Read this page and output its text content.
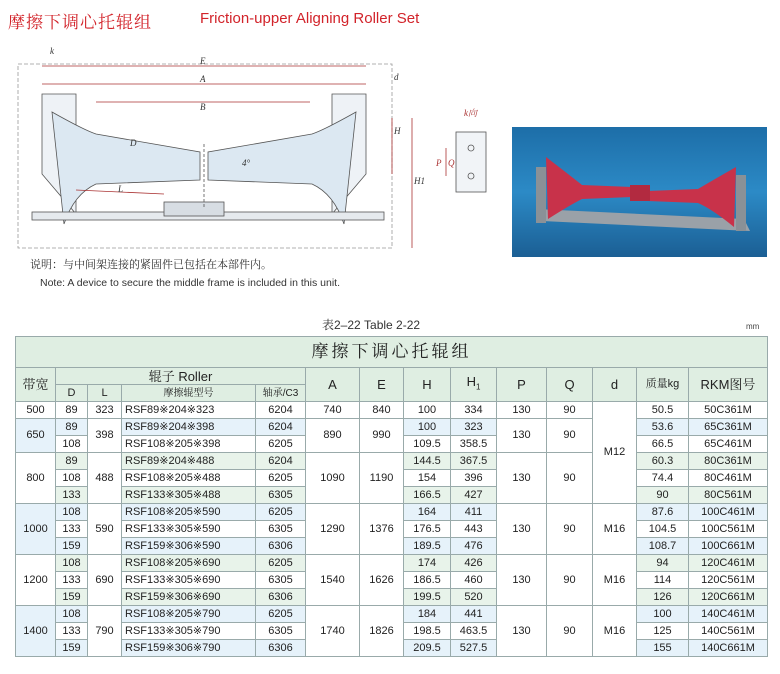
摩擦下调心托辊组	Friction-upper Aligning Roller Set
k
E
A
B
d
D
L
H
H1
4°
k向
P Q
说明：与中间架连接的紧固件已包括在本部件内。
Note: A device to secure the middle frame is included in this unit.
表2–22 Table 2-22	mm
摩擦下调心托辊组													
带宽	辊子 Roller				A	E	H	$H_1$	P	Q	d	质量kg	RKM图号
	D	L	摩擦辊型号	轴承/C3									
500	89	323	RSF89※204※323	6204	740	840	100	334	130	90	M12	50.5	50C361M
650	89	398	RSF89※204※398	6204	890	990	100	323	130	90		53.6	65C361M
	108		RSF108※205※398	6205			109.5	358.5				66.5	65C461M
800	89	488	RSF89※204※488	6204	1090	1190	144.5	367.5	130	90		60.3	80C361M
	108		RSF108※205※488	6205			154	396				74.4	80C461M
	133		RSF133※305※488	6305			166.5	427				90	80C561M
1000	108	590	RSF108※205※590	6205	1290	1376	164	411	130	90	M16	87.6	100C461M
	133		RSF133※305※590	6305			176.5	443				104.5	100C561M
	159		RSF159※306※590	6306			189.5	476				108.7	100C661M
1200	108	690	RSF108※205※690	6205	1540	1626	174	426	130	90	M16	94	120C461M
	133		RSF133※305※690	6305			186.5	460				114	120C561M
	159		RSF159※306※690	6306			199.5	520				126	120C661M
1400	108	790	RSF108※205※790	6205	1740	1826	184	441	130	90	M16	100	140C461M
	133		RSF133※305※790	6305			198.5	463.5				125	140C561M
	159		RSF159※306※790	6306			209.5	527.5				155	140C661M
